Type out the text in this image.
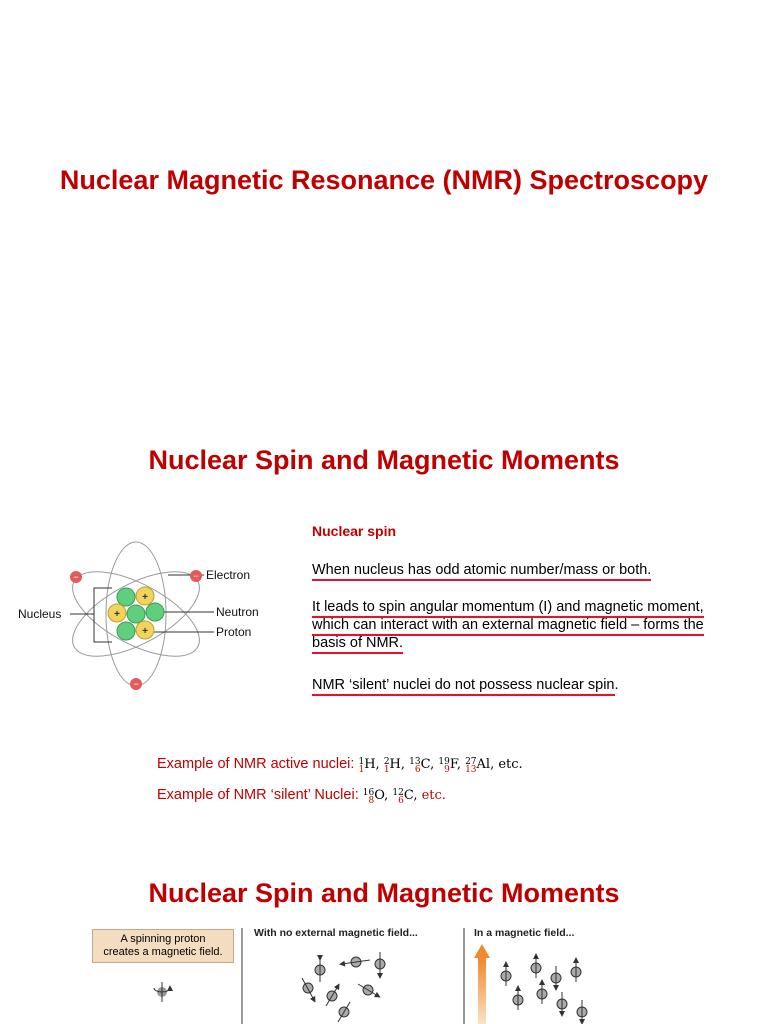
Nuclear Magnetic Resonance (NMR) Spectroscopy
Nuclear Spin and Magnetic Moments
+
+
+
−	−
−
Nucleus
Electron
Neutron
Proton
Nuclear spin
When nucleus has odd atomic number/mass or both.
It leads to spin angular momentum (I) and magnetic moment,
which can interact with an external magnetic field – forms the
basis of NMR.
NMR ‘silent’ nuclei do not possess nuclear spin.
Example of NMR active nuclei: 1
1 H, 2
1 H, 13
6 C, 19
9 F, 27
13 Al, etc.
Example of NMR ‘silent’ Nuclei: 16
8 O, 12
6 C, etc.
Nuclear Spin and Magnetic Moments
A spinning proton
creates a magnetic field.
With no external magnetic field...	In a magnetic field...
